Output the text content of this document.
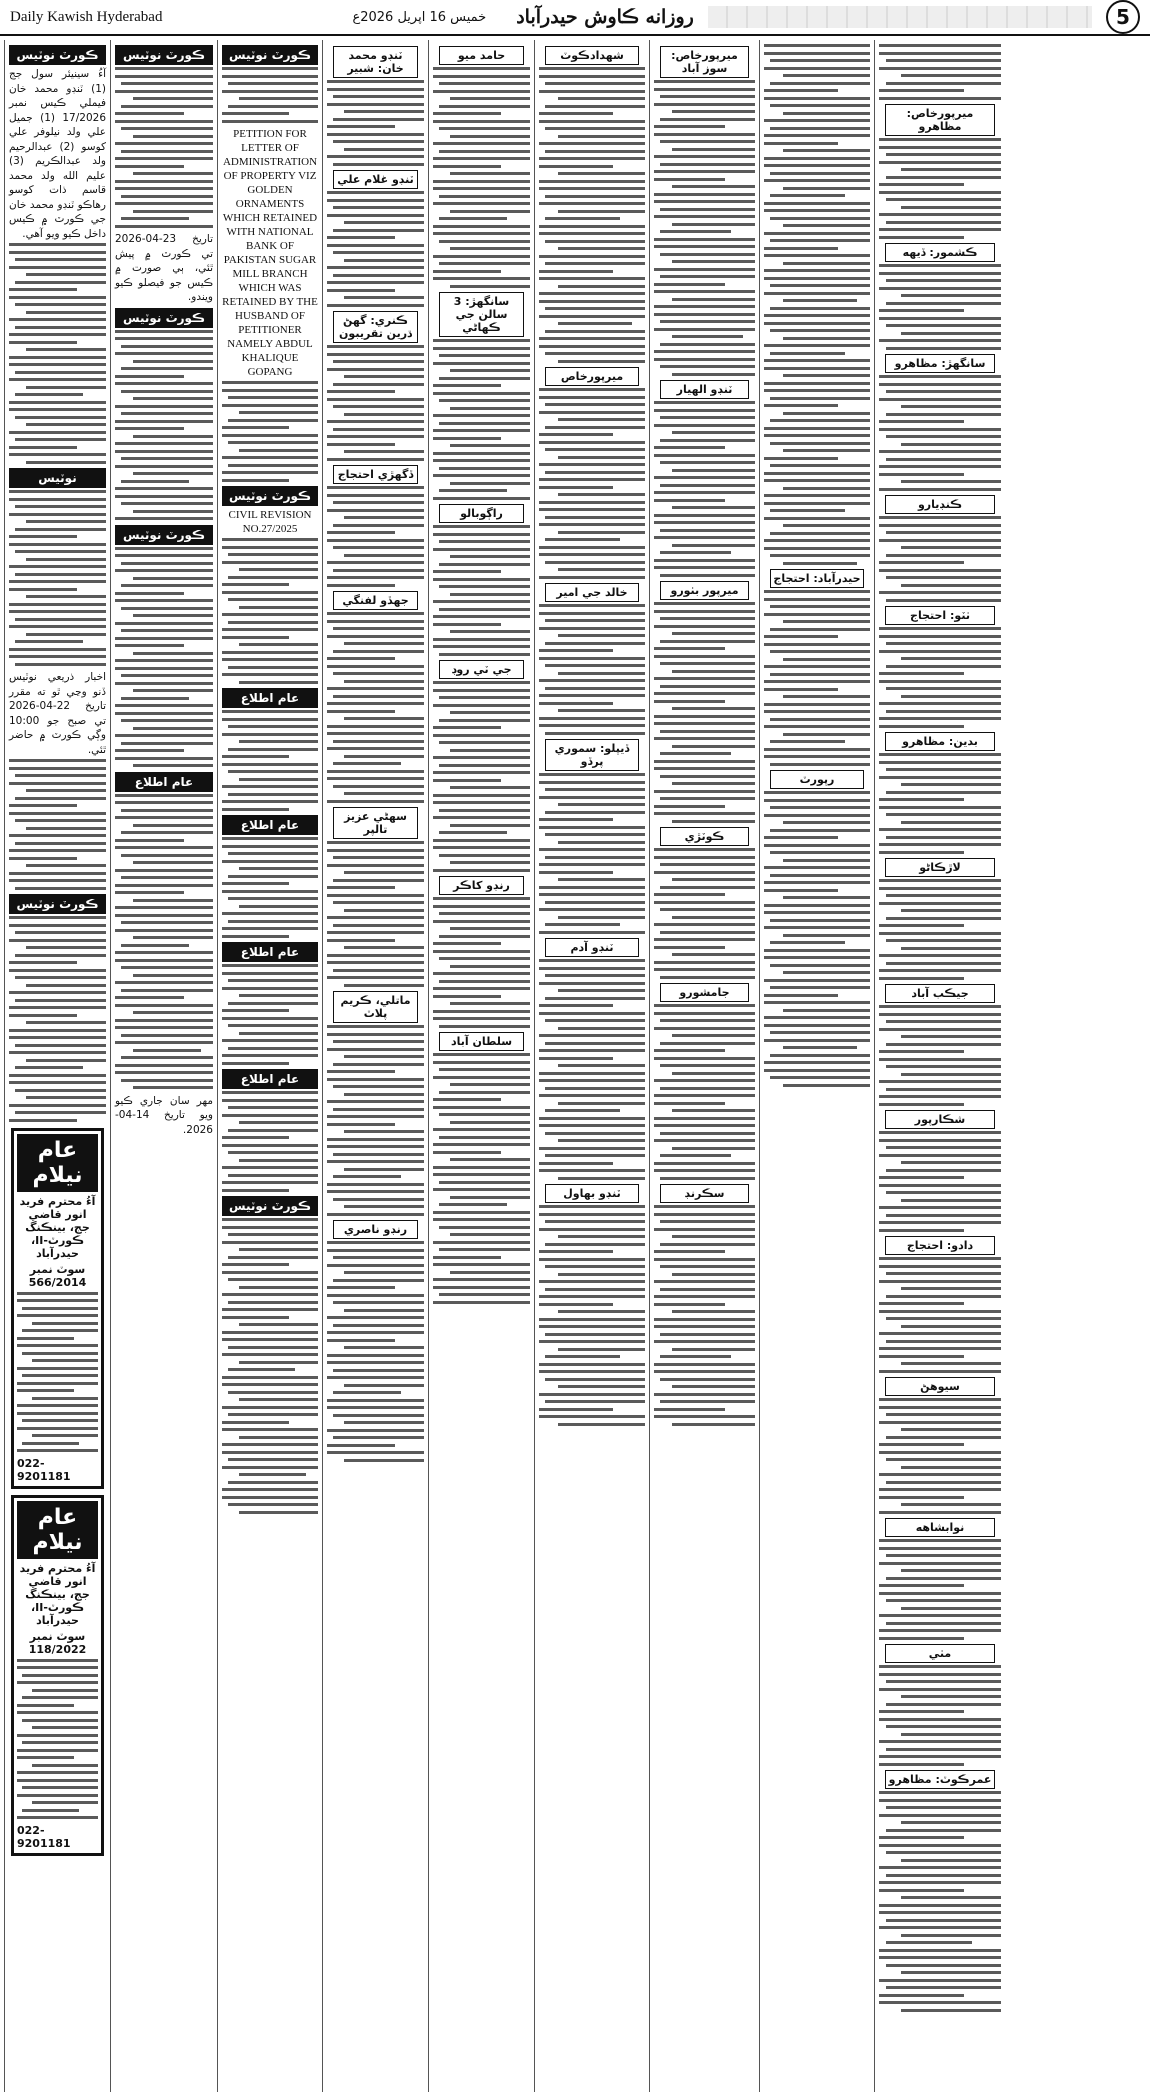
Daily Kawish Hyderabad	خميس 16 اپريل 2026ع روزانه ڪاوش حيدرآباد	5
ڪورٽ نوٽيس
آءُ سينيئر سول جج (1) ٽنڊو محمد خان فيملي ڪيس نمبر 17/2026 (1) جميل علي ولد نيلوفر علي کوسو (2) عبدالرحيم ولد عبدالڪريم (3) عليم الله ولد محمد قاسم ذات کوسو رهاڪو ٽنڊو محمد خان جي ڪورٽ ۾ ڪيس داخل ڪيو ويو آهي.
نوٽيس
اخبار ذريعي نوٽيس ڏنو وڃي ٿو ته مقرر تاريخ 22-04-2026 تي صبح جو 10:00 وڳي ڪورٽ ۾ حاضر ٿئي.
ڪورٽ نوٽيس
عام نيلام
آءُ محترم فريد انور قاضي جج، بينڪنگ ڪورٽ-II، حيدرآباد
سوٽ نمبر 566/2014
022-9201181
عام نيلام
آءُ محترم فريد انور قاضي جج، بينڪنگ ڪورٽ-II، حيدرآباد
سوٽ نمبر 118/2022
022-9201181
ڪورٽ نوٽيس
تاريخ 23-04-2026 تي ڪورٽ ۾ پيش ٿئي، ٻي صورت ۾ ڪيس جو فيصلو ڪيو ويندو.
ڪورٽ نوٽيس
ڪورٽ نوٽيس
عام اطلاع
مهر سان جاري ڪيو ويو تاريخ 14-04-2026.
ڪورٽ نوٽيس
PETITION FOR LETTER OF ADMINISTRATION OF PROPERTY VIZ GOLDEN ORNAMENTS WHICH RETAINED WITH NATIONAL BANK OF PAKISTAN SUGAR MILL BRANCH WHICH WAS RETAINED BY THE HUSBAND OF PETITIONER NAMELY ABDUL KHALIQUE GOPANG
ڪورٽ نوٽيس
CIVIL REVISION NO.27/2025
عام اطلاع
عام اطلاع
عام اطلاع
عام اطلاع
ڪورٽ نوٽيس
ٽنڊو محمد خان: شبير
ٽنڊو غلام علي
ڪنري: گهڻ ڌرين تقريبون
ڏگهڙي احتجاج
جهڏو لفنگي
سهڻي عزيز تالپر
ماتلي، ڪريم پلاٽ
رنڊو ناصري
حامد ميو
سانگهڙ: 3 سالن جي ڪهاڻي
راڳوبالو
جي ٽي روڊ
رنڊو کاڪر
سلطان آباد
شهدادڪوٽ
ميرپورخاص
خالد جي امير
ڏيپلو: سموري پرڏو
ٽنڊو آدم
ٽنڊو بهاول
ميرپورخاص: سوز آباد
ٽنڊو الهيار
ميرپور بٺورو
ڪوٽڙي
جامشورو
سڪرنڊ
حيدرآباد: احتجاج
رپورٽ
ميرپورخاص: مظاهرو
ڪشمور: ڏيهه
سانگهڙ: مظاهرو
ڪنڊيارو
ٺٽو: احتجاج
بدين: مظاهرو
لاڙڪاڻو
جيڪب آباد
شڪارپور
دادو: احتجاج
سيوهڻ
نوابشاهه
مٺي
عمرڪوٽ: مظاهرو
